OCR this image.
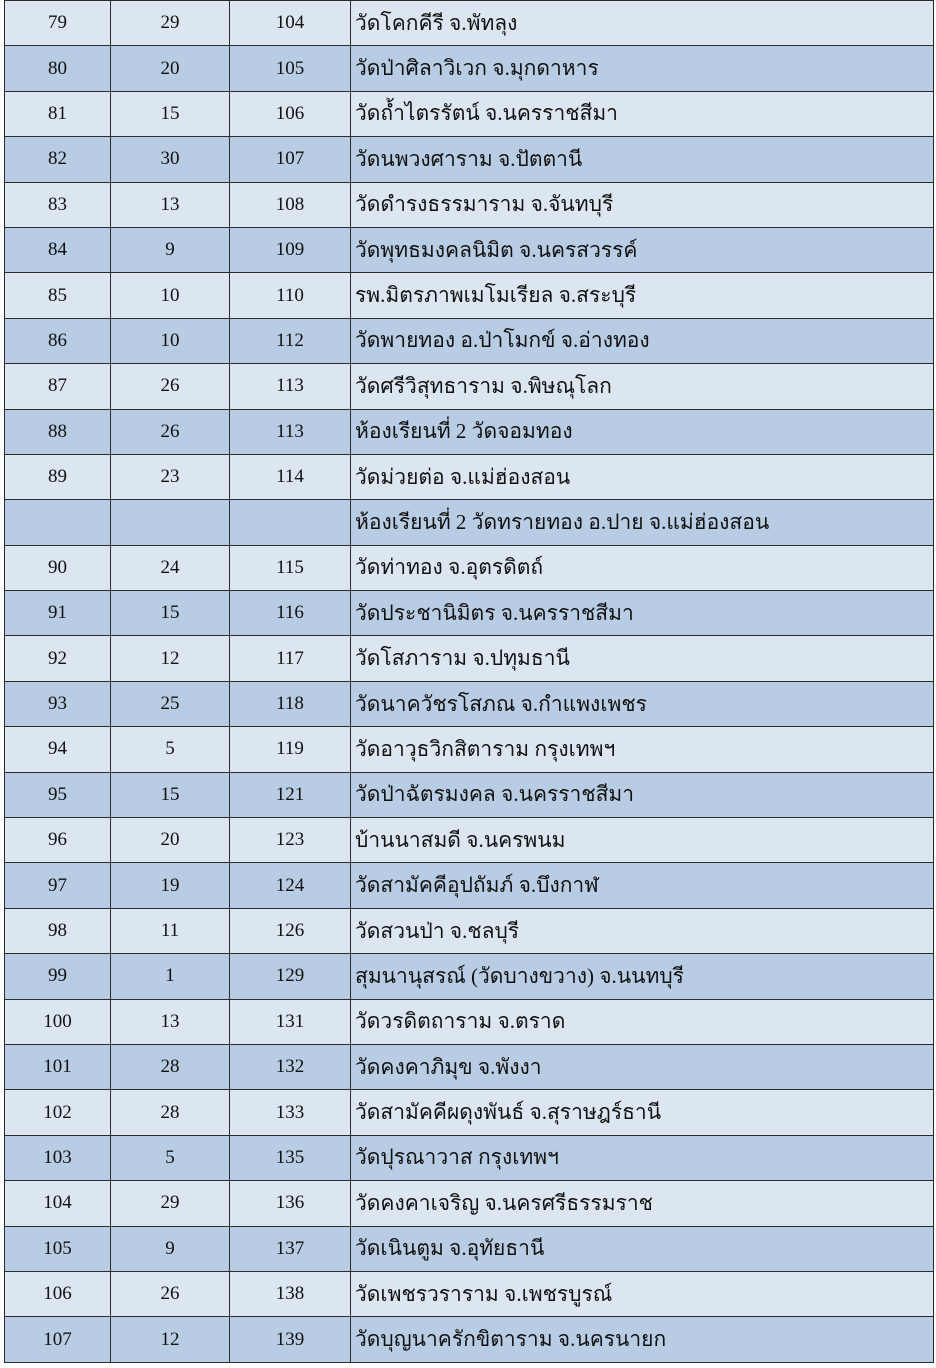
79	29	104	วัดโคกคีรี จ.พัทลุง
80	20	105	วัดป่าศิลาวิเวก จ.มุกดาหาร
81	15	106	วัดถ้ำไตรรัตน์ จ.นครราชสีมา
82	30	107	วัดนพวงศาราม จ.ปัตตานี
83	13	108	วัดดำรงธรรมาราม จ.จันทบุรี
84	9	109	วัดพุทธมงคลนิมิต จ.นครสวรรค์
85	10	110	รพ.มิตรภาพเมโมเรียล จ.สระบุรี
86	10	112	วัดพายทอง อ.ป่าโมกข์ จ.อ่างทอง
87	26	113	วัดศรีวิสุทธาราม จ.พิษณุโลก
88	26	113	ห้องเรียนที่ 2 วัดจอมทอง
89	23	114	วัดม่วยต่อ จ.แม่ฮ่องสอน
			ห้องเรียนที่ 2 วัดทรายทอง อ.ปาย จ.แม่ฮ่องสอน
90	24	115	วัดท่าทอง จ.อุตรดิตถ์
91	15	116	วัดประชานิมิตร จ.นครราชสีมา
92	12	117	วัดโสภาราม จ.ปทุมธานี
93	25	118	วัดนาควัชรโสภณ จ.กำแพงเพชร
94	5	119	วัดอาวุธวิกสิตาราม กรุงเทพฯ
95	15	121	วัดป่าฉัตรมงคล จ.นครราชสีมา
96	20	123	บ้านนาสมดี จ.นครพนม
97	19	124	วัดสามัคคีอุปถัมภ์ จ.บึงกาฬ
98	11	126	วัดสวนป่า จ.ชลบุรี
99	1	129	สุมนานุสรณ์ (วัดบางขวาง) จ.นนทบุรี
100	13	131	วัดวรดิตถาราม จ.ตราด
101	28	132	วัดคงคาภิมุข จ.พังงา
102	28	133	วัดสามัคคีผดุงพันธ์ จ.สุราษฎร์ธานี
103	5	135	วัดปุรณาวาส กรุงเทพฯ
104	29	136	วัดคงคาเจริญ จ.นครศรีธรรมราช
105	9	137	วัดเนินตูม จ.อุทัยธานี
106	26	138	วัดเพชรวราราม จ.เพชรบูรณ์
107	12	139	วัดบุญนาครักขิตาราม จ.นครนายก
